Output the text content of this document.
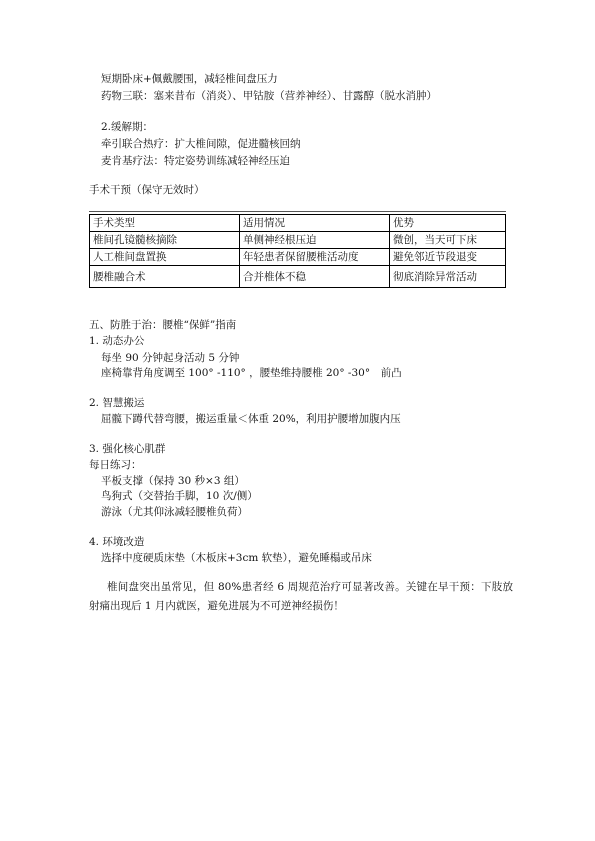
短期卧床+佩戴腰围，减轻椎间盘压力
药物三联：塞来昔布（消炎）、甲钴胺（营养神经）、甘露醇（脱水消肿）
2.缓解期：
牵引联合热疗：扩大椎间隙，促进髓核回纳
麦肯基疗法：特定姿势训练减轻神经压迫
手术干预（保守无效时）
手术类型	适用情况	优势
椎间孔镜髓核摘除	单侧神经根压迫	微创，当天可下床
人工椎间盘置换	年轻患者保留腰椎活动度	避免邻近节段退变
腰椎融合术	合并椎体不稳	彻底消除异常活动
五、防胜于治：腰椎“保鲜”指南
1. 动态办公
每坐 90 分钟起身活动 5 分钟
座椅靠背角度调至 100° -110° ，腰垫维持腰椎 20° -30°　前凸
2. 智慧搬运
屈髋下蹲代替弯腰，搬运重量＜体重 20%，利用护腰增加腹内压
3. 强化核心肌群
每日练习：
平板支撑（保持 30 秒×3 组）
鸟狗式（交替抬手脚，10 次/侧）
游泳（尤其仰泳减轻腰椎负荷）
4. 环境改造
选择中度硬质床垫（木板床+3cm 软垫），避免睡榻或吊床
椎间盘突出虽常见，但 80%患者经 6 周规范治疗可显著改善。关键在早干预：下肢放射痛出现后 1 月内就医，避免进展为不可逆神经损伤！
